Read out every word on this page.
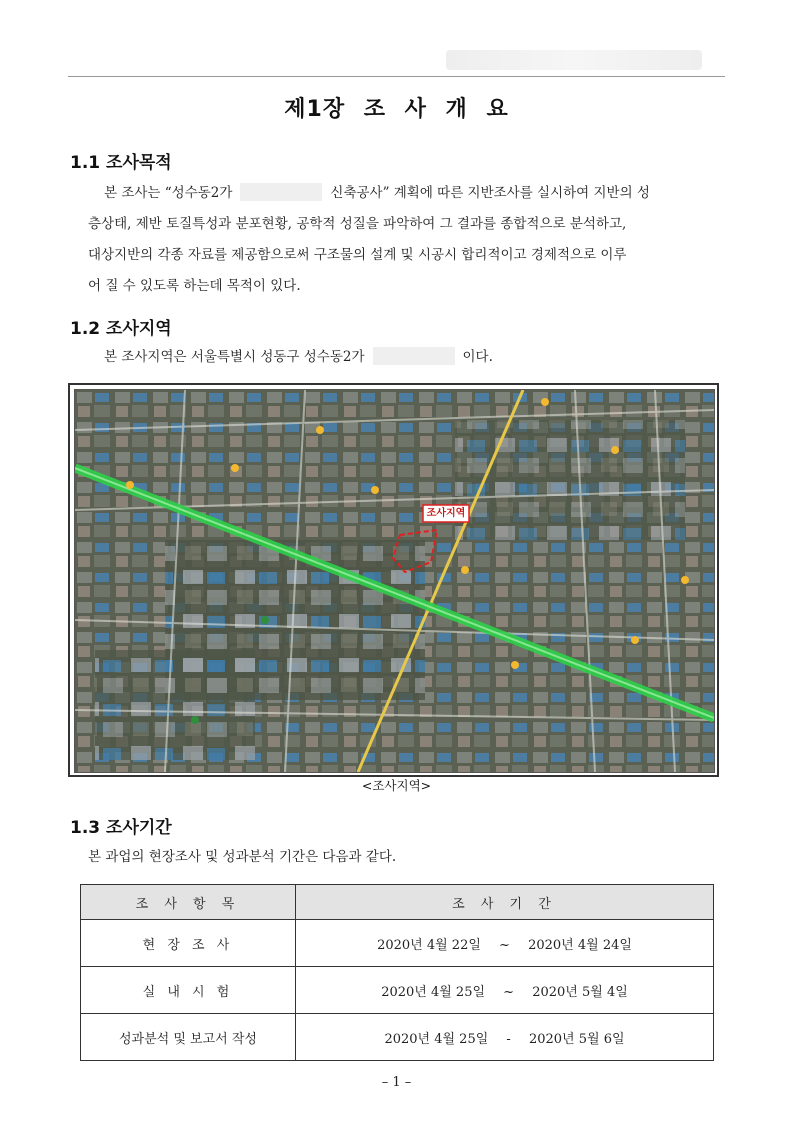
제1장 조 사 개 요
1.1 조사목적
본 조사는 “성수동2가	신축공사” 계획에 따른 지반조사를 실시하여 지반의 성
층상태, 제반 토질특성과 분포현황, 공학적 성질을 파악하여 그 결과를 종합적으로 분석하고,
대상지반의 각종 자료를 제공함으로써 구조물의 설계 및 시공시 합리적이고 경제적으로 이루
어 질 수 있도록 하는데 목적이 있다.
1.2 조사지역
본 조사지역은 서울특별시 성동구 성수동2가	이다.
조사지역
<조사지역>
1.3 조사기간
본 과업의 현장조사 및 성과분석 기간은 다음과 같다.
조 사 항 목	조 사 기 간
현 장 조 사	2020년 4월 22일 ~ 2020년 4월 24일
실 내 시 험	2020년 4월 25일 ~ 2020년 5월 4일
성과분석 및 보고서 작성	2020년 4월 25일 - 2020년 5월 6일
– 1 –
